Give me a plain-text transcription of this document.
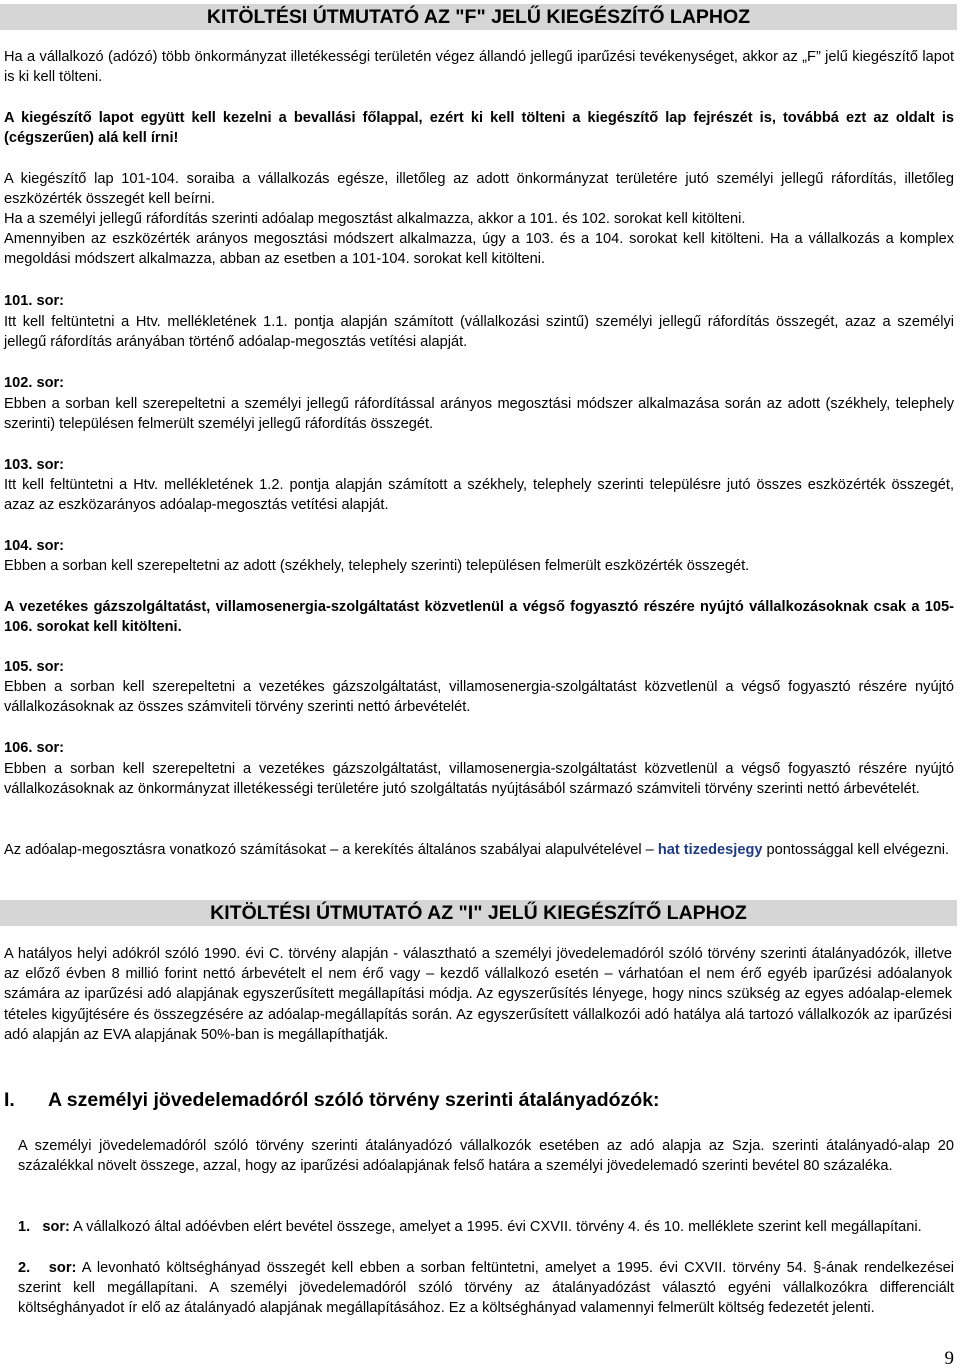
KITÖLTÉSI ÚTMUTATÓ AZ "F" JELŰ KIEGÉSZÍTŐ LAPHOZ

Ha a vállalkozó (adózó) több önkormányzat illetékességi területén végez állandó jellegű iparűzési tevékenységet, akkor az „F” jelű kiegészítő lapot is ki kell tölteni.

A kiegészítő lapot együtt kell kezelni a bevallási főlappal, ezért ki kell tölteni a kiegészítő lap fejrészét is, továbbá ezt az oldalt is (cégszerűen) alá kell írni!

A kiegészítő lap 101-104. soraiba a vállalkozás egésze, illetőleg az adott önkormányzat területére jutó személyi jellegű ráfordítás, illetőleg eszközérték összegét kell beírni.

Ha a személyi jellegű ráfordítás szerinti adóalap megosztást alkalmazza, akkor a 101. és 102. sorokat kell kitölteni.

Amennyiben az eszközérték arányos megosztási módszert alkalmazza, úgy a 103. és a 104. sorokat kell kitölteni. Ha a vállalkozás a komplex megoldási módszert alkalmazza, abban az esetben a 101-104. sorokat kell kitölteni.

101. sor:

Itt kell feltüntetni a Htv. mellékletének 1.1. pontja alapján számított (vállalkozási szintű) személyi jellegű ráfordítás összegét, azaz a személyi jellegű ráfordítás arányában történő adóalap-megosztás vetítési alapját.

102. sor:

Ebben a sorban kell szerepeltetni a személyi jellegű ráfordítással arányos megosztási módszer alkalmazása során az adott (székhely, telephely szerinti) településen felmerült személyi jellegű ráfordítás összegét.

103. sor:

Itt kell feltüntetni a Htv. mellékletének 1.2. pontja alapján számított a székhely, telephely szerinti településre jutó összes eszközérték összegét, azaz az eszközarányos adóalap-megosztás vetítési alapját.

104. sor:

Ebben a sorban kell szerepeltetni az adott (székhely, telephely szerinti) településen felmerült eszközérték összegét.

A vezetékes gázszolgáltatást, villamosenergia-szolgáltatást közvetlenül a végső fogyasztó részére nyújtó vállalkozásoknak csak a 105-106. sorokat kell kitölteni.

105. sor:

Ebben a sorban kell szerepeltetni a vezetékes gázszolgáltatást, villamosenergia-szolgáltatást közvetlenül a végső fogyasztó részére nyújtó vállalkozásoknak az összes számviteli törvény szerinti nettó árbevételét.

106. sor:

Ebben a sorban kell szerepeltetni a vezetékes gázszolgáltatást, villamosenergia-szolgáltatást közvetlenül a végső fogyasztó részére nyújtó vállalkozásoknak az önkormányzat illetékességi területére jutó szolgáltatás nyújtásából származó számviteli törvény szerinti nettó árbevételét.

Az adóalap-megosztásra vonatkozó számításokat – a kerekítés általános szabályai alapulvételével – hat tizedesjegy pontossággal kell elvégezni.

KITÖLTÉSI ÚTMUTATÓ AZ "I" JELŰ KIEGÉSZÍTŐ LAPHOZ

A hatályos helyi adókról szóló 1990. évi C. törvény alapján - választható a személyi jövedelemadóról szóló törvény szerinti átalányadózók, illetve az előző évben 8 millió forint nettó árbevételt el nem érő vagy – kezdő vállalkozó esetén – várhatóan el nem érő egyéb iparűzési adóalanyok számára az iparűzési adó alapjának egyszerűsített megállapítási módja. Az egyszerűsítés lényege, hogy nincs szükség az egyes adóalap-elemek tételes kigyűjtésére és összegzésére az adóalap-megállapítás során. Az egyszerűsített vállalkozói adó hatálya alá tartozó vállalkozók az iparűzési adó alapján az EVA alapjának 50%-ban is megállapíthatják.

I. A személyi jövedelemadóról szóló törvény szerinti átalányadózók:

A személyi jövedelemadóról szóló törvény szerinti átalányadózó vállalkozók esetében az adó alapja az Szja. szerinti átalányadó-alap 20 százalékkal növelt összege, azzal, hogy az iparűzési adóalapjának felső határa a személyi jövedelemadó szerinti bevétel 80 százaléka.

1. sor: A vállalkozó által adóévben elért bevétel összege, amelyet a 1995. évi CXVII. törvény 4. és 10. melléklete szerint kell megállapítani.

2. sor: A levonható költséghányad összegét kell ebben a sorban feltüntetni, amelyet a 1995. évi CXVII. törvény 54. §-ának rendelkezései szerint kell megállapítani. A személyi jövedelemadóról szóló törvény az átalányadózást választó egyéni vállalkozókra differenciált költséghányadot ír elő az átalányadó alapjának megállapításához. Ez a költséghányad valamennyi felmerült költség fedezetét jelenti.

9
